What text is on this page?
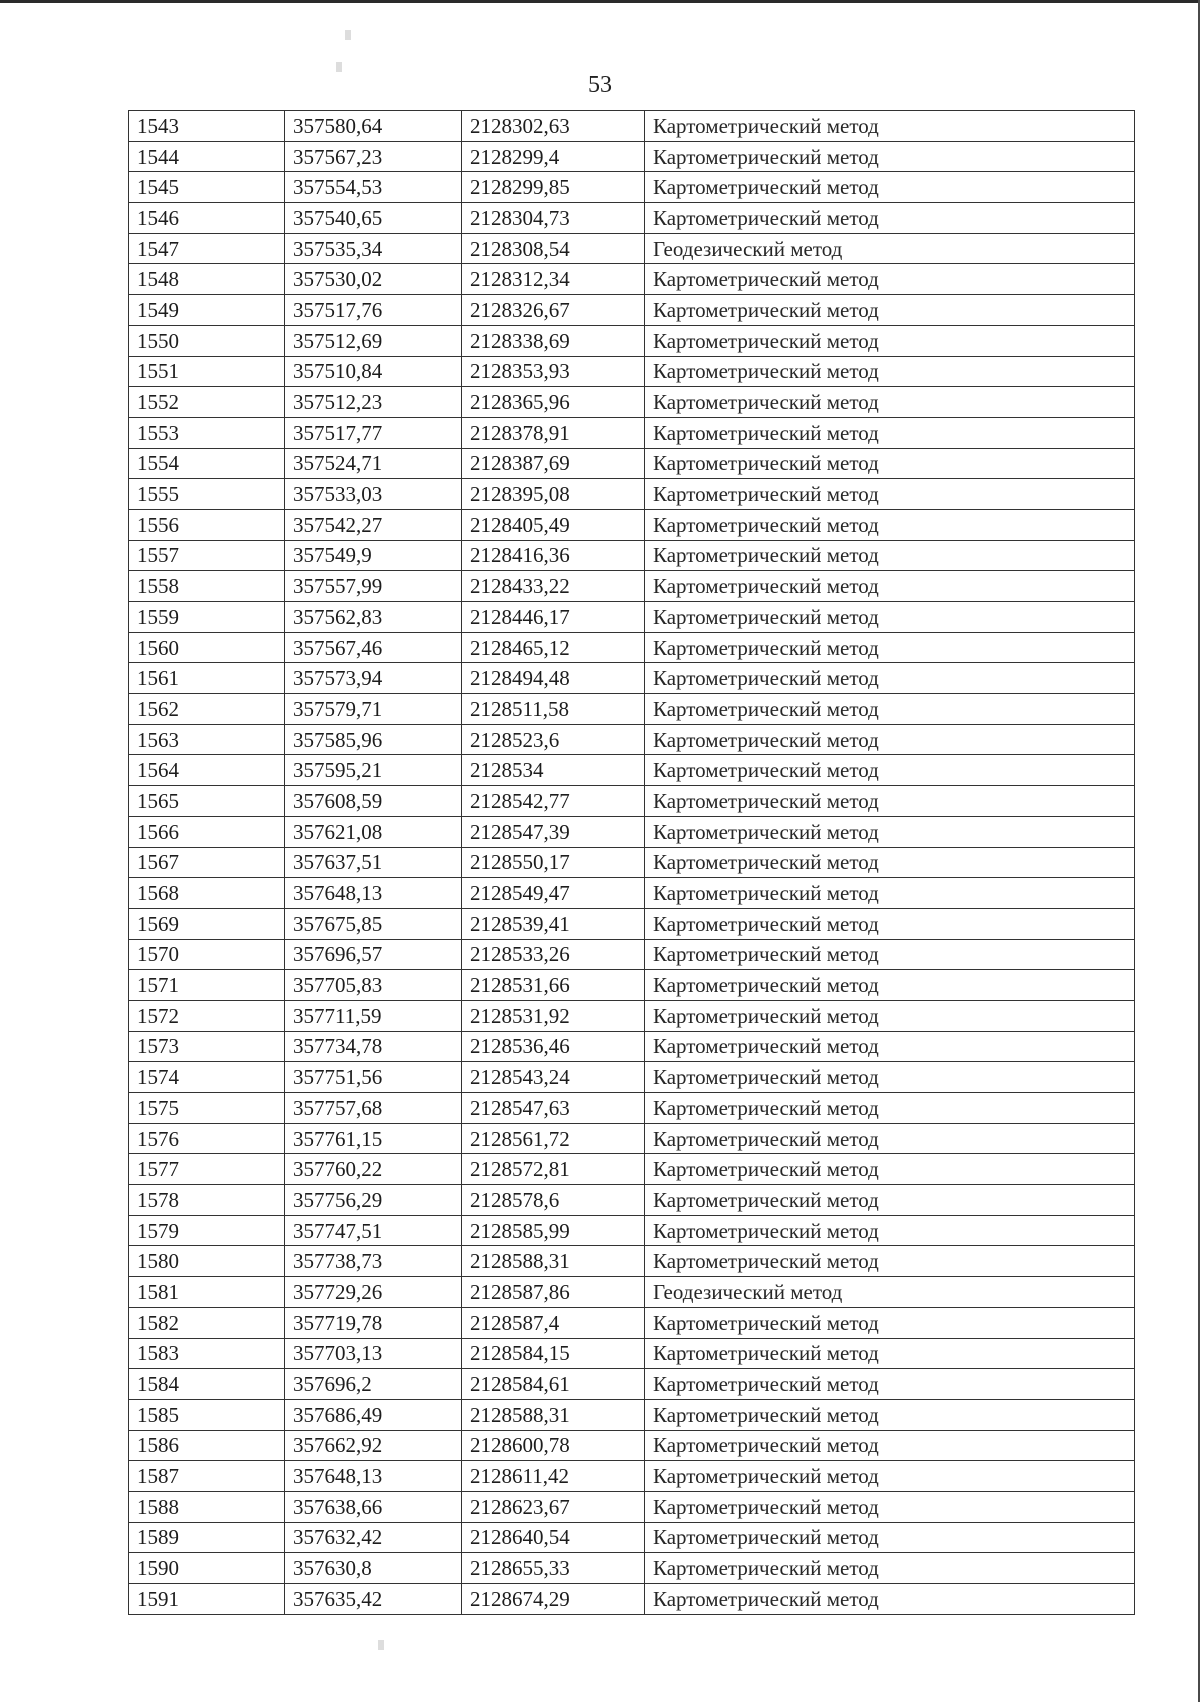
53
1543	357580,64	2128302,63	Картометрический метод
1544	357567,23	2128299,4	Картометрический метод
1545	357554,53	2128299,85	Картометрический метод
1546	357540,65	2128304,73	Картометрический метод
1547	357535,34	2128308,54	Геодезический метод
1548	357530,02	2128312,34	Картометрический метод
1549	357517,76	2128326,67	Картометрический метод
1550	357512,69	2128338,69	Картометрический метод
1551	357510,84	2128353,93	Картометрический метод
1552	357512,23	2128365,96	Картометрический метод
1553	357517,77	2128378,91	Картометрический метод
1554	357524,71	2128387,69	Картометрический метод
1555	357533,03	2128395,08	Картометрический метод
1556	357542,27	2128405,49	Картометрический метод
1557	357549,9	2128416,36	Картометрический метод
1558	357557,99	2128433,22	Картометрический метод
1559	357562,83	2128446,17	Картометрический метод
1560	357567,46	2128465,12	Картометрический метод
1561	357573,94	2128494,48	Картометрический метод
1562	357579,71	2128511,58	Картометрический метод
1563	357585,96	2128523,6	Картометрический метод
1564	357595,21	2128534	Картометрический метод
1565	357608,59	2128542,77	Картометрический метод
1566	357621,08	2128547,39	Картометрический метод
1567	357637,51	2128550,17	Картометрический метод
1568	357648,13	2128549,47	Картометрический метод
1569	357675,85	2128539,41	Картометрический метод
1570	357696,57	2128533,26	Картометрический метод
1571	357705,83	2128531,66	Картометрический метод
1572	357711,59	2128531,92	Картометрический метод
1573	357734,78	2128536,46	Картометрический метод
1574	357751,56	2128543,24	Картометрический метод
1575	357757,68	2128547,63	Картометрический метод
1576	357761,15	2128561,72	Картометрический метод
1577	357760,22	2128572,81	Картометрический метод
1578	357756,29	2128578,6	Картометрический метод
1579	357747,51	2128585,99	Картометрический метод
1580	357738,73	2128588,31	Картометрический метод
1581	357729,26	2128587,86	Геодезический метод
1582	357719,78	2128587,4	Картометрический метод
1583	357703,13	2128584,15	Картометрический метод
1584	357696,2	2128584,61	Картометрический метод
1585	357686,49	2128588,31	Картометрический метод
1586	357662,92	2128600,78	Картометрический метод
1587	357648,13	2128611,42	Картометрический метод
1588	357638,66	2128623,67	Картометрический метод
1589	357632,42	2128640,54	Картометрический метод
1590	357630,8	2128655,33	Картометрический метод
1591	357635,42	2128674,29	Картометрический метод
